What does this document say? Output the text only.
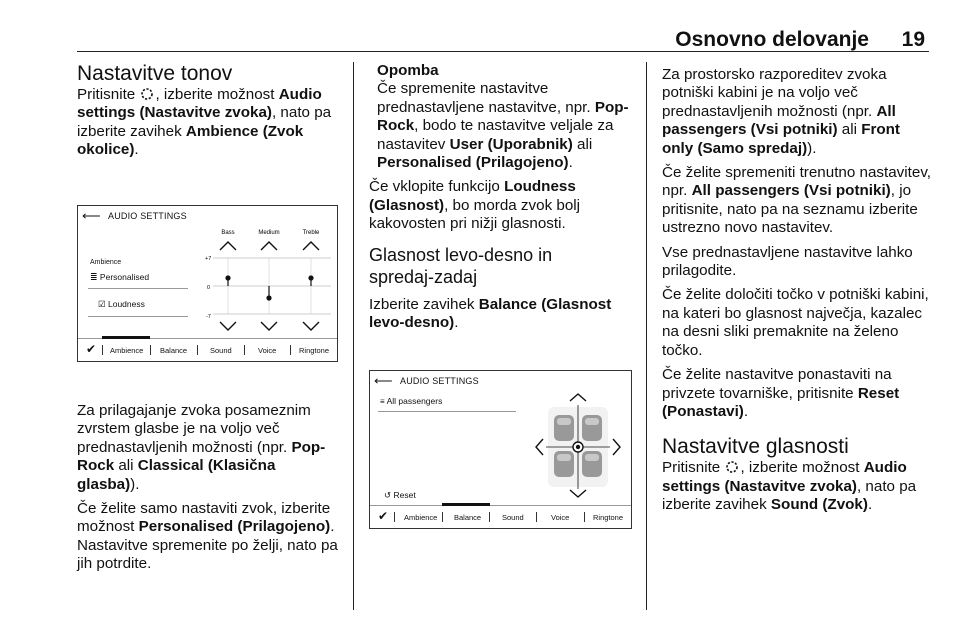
Osnovno delovanje 19
Nastavitve tonov

Pritisnite , izberite možnost Audio settings (Nastavitve zvoka), nato pa izberite zavihek Ambience (Zvok okolice).

⟵ AUDIO SETTINGS
Ambience
≣ Personalised
☑ Loudness
Bass	Medium	Treble
+7
0
-7
✔ Ambience Balance	Sound	Voice	Ringtone

Za prilagajanje zvoka posameznim zvrstem glasbe je na voljo več prednastavljenih možnosti (npr. Pop-Rock ali Classical (Klasična glasba)).

Če želite samo nastaviti zvok, izberite možnost Personalised (Prilagojeno). Nastavitve spremenite po želji, nato pa jih potrdite.

Opomba

Če spremenite nastavitve prednastavljene nastavitve, npr. Pop-Rock, bodo te nastavitve veljale za nastavitev User (Uporabnik) ali Personalised (Prilagojeno).

Če vklopite funkcijo Loudness (Glasnost), bo morda zvok bolj kakovosten pri nižji glasnosti.

Glasnost levo-desno in spredaj-zadaj

Izberite zavihek Balance (Glasnost levo-desno).

⟵ AUDIO SETTINGS
≡ All passengers
↺ Reset
✔ Ambience Balance	Sound	Voice	Ringtone

Za prostorsko razporeditev zvoka potniški kabini je na voljo več prednastavljenih možnosti (npr. All passengers (Vsi potniki) ali Front only (Samo spredaj)).

Če želite spremeniti trenutno nastavitev, npr. All passengers (Vsi potniki), jo pritisnite, nato pa na seznamu izberite ustrezno novo nastavitev.

Vse prednastavljene nastavitve lahko prilagodite.

Če želite določiti točko v potniški kabini, na kateri bo glasnost največja, kazalec na desni sliki premaknite na želeno točko.

Če želite nastavitve ponastaviti na privzete tovarniške, pritisnite Reset (Ponastavi).

Nastavitve glasnosti

Pritisnite , izberite možnost Audio settings (Nastavitve zvoka), nato pa izberite zavihek Sound (Zvok).
